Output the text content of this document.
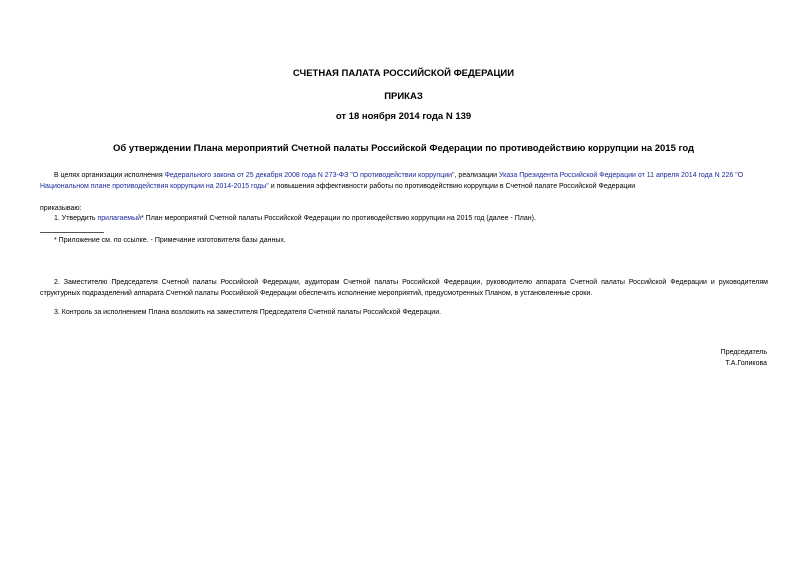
СЧЕТНАЯ ПАЛАТА РОССИЙСКОЙ ФЕДЕРАЦИИ
ПРИКАЗ
от 18 ноября 2014 года N 139
Об утверждении Плана мероприятий Счетной палаты Российской Федерации по противодействию коррупции на 2015 год
В целях организации исполнения Федерального закона от 25 декабря 2008 года N 273-ФЗ "О противодействии коррупции", реализации Указа Президента Российской Федерации от 11 апреля 2014 года N 226 "О Национальном плане противодействия коррупции на 2014-2015 годы" и повышения эффективности работы по противодействию коррупции в Счетной палате Российской Федерации
приказываю:
1. Утвердить прилагаемый* План мероприятий Счетной палаты Российской Федерации по противодействию коррупции на 2015 год (далее - План).
* Приложение см. по ссылке. - Примечание изготовителя базы данных.
2. Заместителю Председателя Счетной палаты Российской Федерации, аудиторам Счетной палаты Российской Федерации, руководителю аппарата Счетной палаты Российской Федерации и руководителям структурных подразделений аппарата Счетной палаты Российской Федерации обеспечить исполнение мероприятий, предусмотренных Планом, в установленные сроки.
3. Контроль за исполнением Плана возложить на заместителя Председателя Счетной палаты Российской Федерации.
Председатель
Т.А.Голикова
